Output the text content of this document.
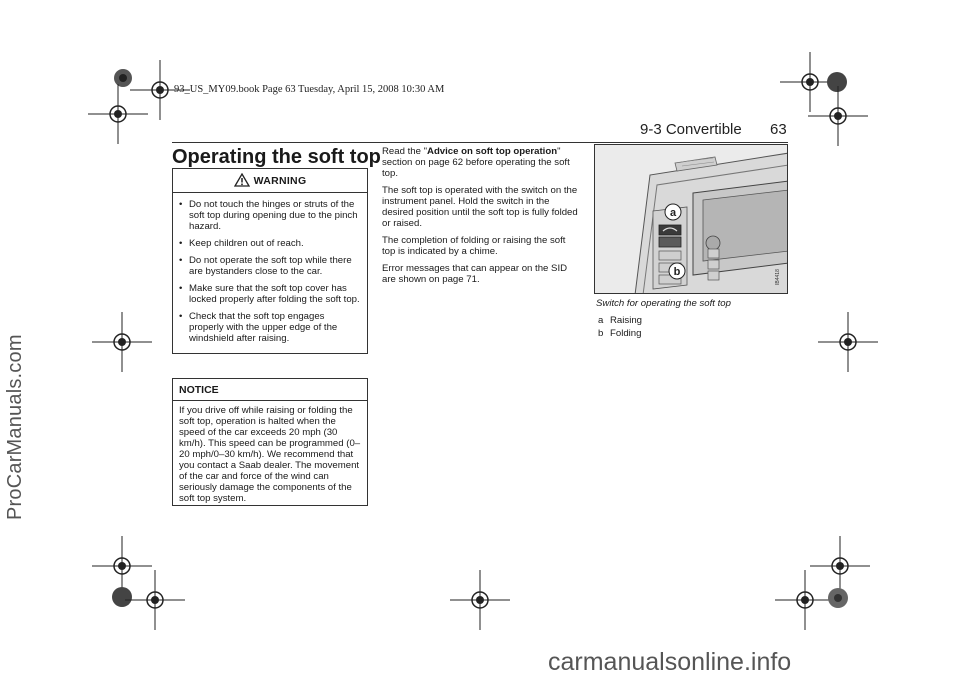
93_US_MY09.book Page 63 Tuesday, April 15, 2008 10:30 AM
ProCarManuals.com
carmanualsonline.info
9-3 Convertible 63
Operating the soft top
WARNING
• Do not touch the hinges or struts of the soft top during opening due to the pinch hazard.
• Keep children out of reach.
• Do not operate the soft top while there are bystanders close to the car.
• Make sure that the soft top cover has locked properly after folding the soft top.
• Check that the soft top engages properly with the upper edge of the windshield after raising.
NOTICE
If you drive off while raising or folding the soft top, operation is halted when the speed of the car exceeds 20 mph (30 km/h). This speed can be programmed (0–20 mph/0–30 km/h). We recommend that you contact a Saab dealer. The movement of the car and force of the wind can seriously damage the components of the soft top system.

Read the "Advice on soft top operation" section on page 62 before operating the soft top.

The soft top is operated with the switch on the instrument panel. Hold the switch in the desired position until the soft top is fully folded or raised.

The completion of folding or raising the soft top is indicated by a chime.

Error messages that can appear on the SID are shown on page 71.

a
b	IB4418
Switch for operating the soft top
a Raising
b Folding
